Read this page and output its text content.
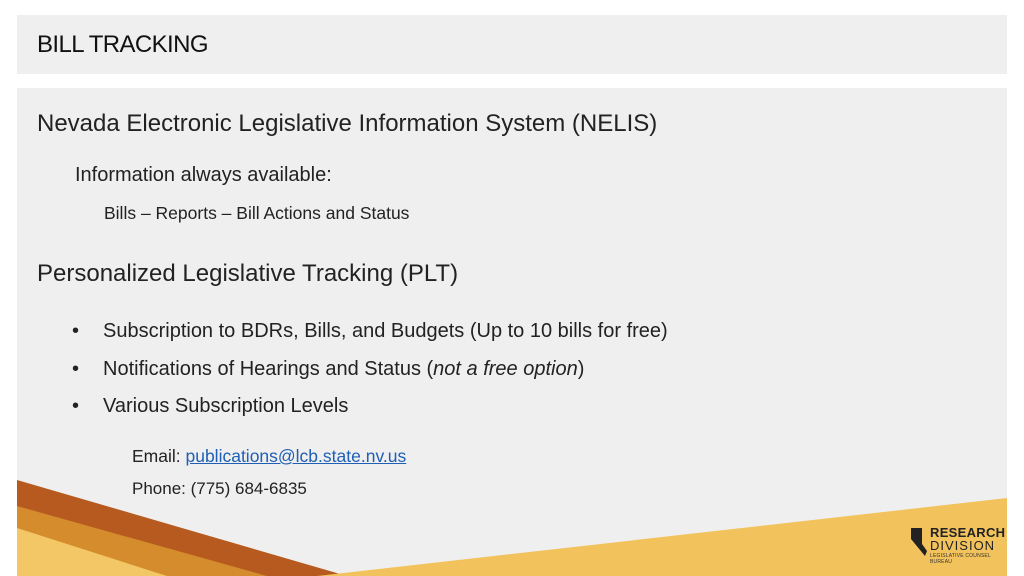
BILL TRACKING
Nevada Electronic Legislative Information System (NELIS)
Information always available:
Bills – Reports – Bill Actions and Status
Personalized Legislative Tracking (PLT)
• Subscription to BDRs, Bills, and Budgets (Up to 10 bills for free)
• Notifications of Hearings and Status (not a free option)
• Various Subscription Levels
Email: publications@lcb.state.nv.us
Phone: (775) 684-6835
RESEARCH
DIVISION
LEGISLATIVE COUNSEL BUREAU
